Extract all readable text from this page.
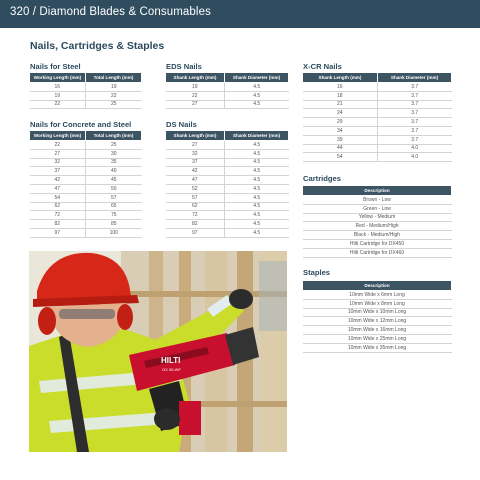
320 / Diamond Blades & Consumables
Nails, Cartridges & Staples
Nails for Steel
Working Length (mm)	Total Length (mm)
16	19
19	22
22	25
Nails for Concrete and Steel
Working Length (mm)	Total Length (mm)
22	25
27	30
32	35
37	40
42	45
47	50
54	57
62	65
72	75
82	85
97	100
EDS Nails
Shank Length (mm)	Shank Diameter (mm)
19	4.5
22	4.5
27	4.5
DS Nails
Shank Length (mm)	Shank Diameter (mm)
27	4.5
32	4.5
37	4.5
42	4.5
47	4.5
52	4.5
57	4.5
62	4.5
72	4.5
82	4.5
97	4.5
X-CR Nails
Shank Length (mm)	Shank Diameter (mm)
16	3.7
18	3.7
21	3.7
24	3.7
29	3.7
34	3.7
39	3.7
44	4.0
54	4.0
Cartridges
Description
Brown - Low
Green - Low
Yellow - Medium
Red - Medium/High
Black - Medium/High
Hilti Cartridge for DX450
Hilti Cartridge for DX460
Staples
Description
10mm Wide x 6mm Long
10mm Wide x 8mm Long
10mm Wide x 10mm Long
10mm Wide x 12mm Long
10mm Wide x 16mm Long
10mm Wide x 25mm Long
10mm Wide x 35mm Long
HILTI
GX 90-WF
